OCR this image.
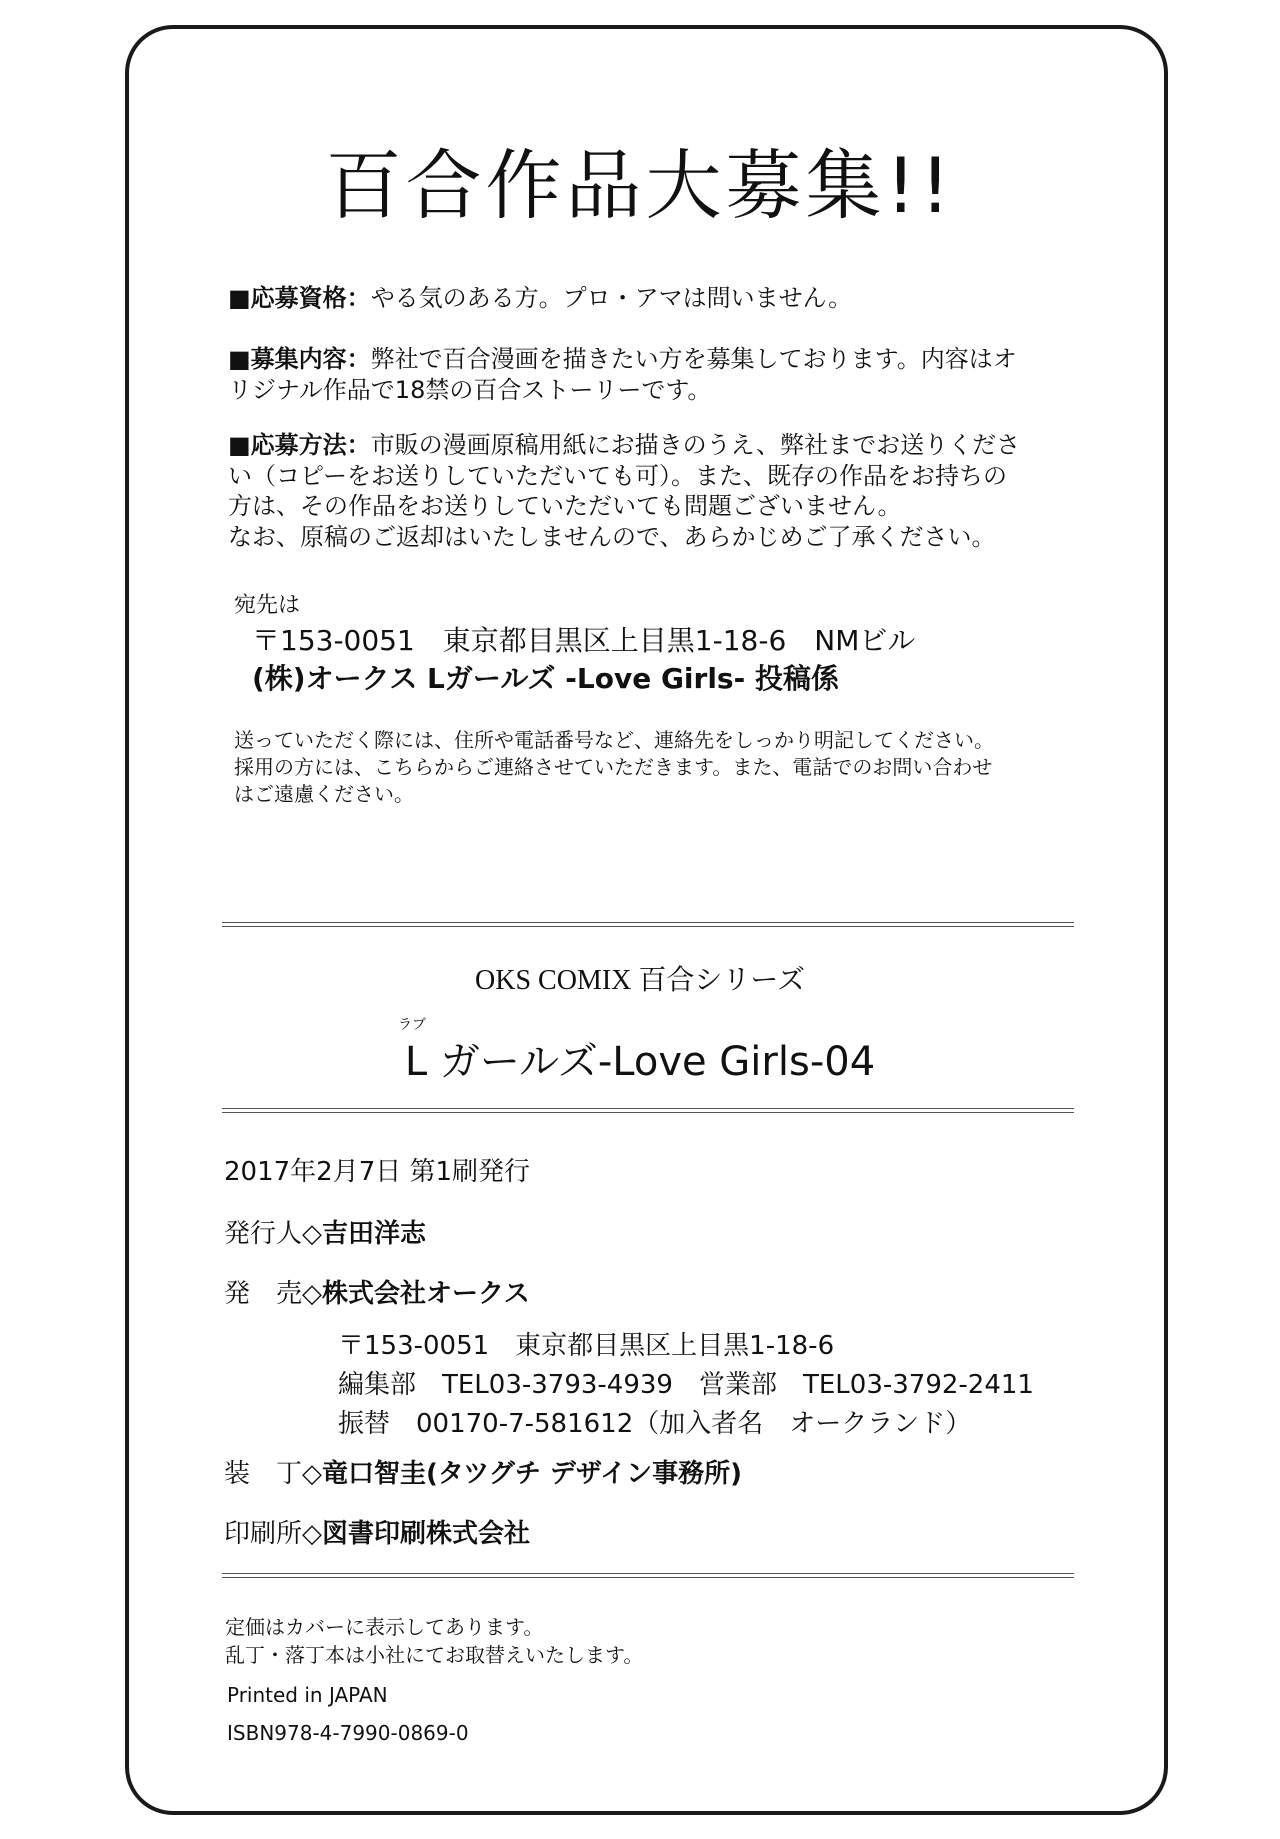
百合作品大募集!!
■応募資格：やる気のある方。プロ・アマは問いません。
■募集内容：弊社で百合漫画を描きたい方を募集しております。内容はオ
リジナル作品で18禁の百合ストーリーです。
■応募方法：市販の漫画原稿用紙にお描きのうえ、弊社までお送りくださ
い（コピーをお送りしていただいても可）。また、既存の作品をお持ちの
方は、その作品をお送りしていただいても問題ございません。
なお、原稿のご返却はいたしませんので、あらかじめご了承ください。
宛先は
〒153-0051　東京都目黒区上目黒1-18-6　NMビル
(株)オークス Lガールズ -Love Girls- 投稿係
送っていただく際には、住所や電話番号など、連絡先をしっかり明記してください。
採用の方には、こちらからご連絡させていただきます。また、電話でのお問い合わせ
はご遠慮ください。
OKS COMIX 百合シリーズ
ラブ
L ガールズ-Love Girls-04
2017年2月7日 第1刷発行
発行人◇吉田洋志
発　売◇株式会社オークス
〒153-0051　東京都目黒区上目黒1-18-6
編集部　TEL03-3793-4939　営業部　TEL03-3792-2411
振替　00170-7-581612（加入者名　オークランド）
装　丁◇竜口智圭(タツグチ デザイン事務所)
印刷所◇図書印刷株式会社
定価はカバーに表示してあります。
乱丁・落丁本は小社にてお取替えいたします。
Printed in JAPAN
ISBN978-4-7990-0869-0
